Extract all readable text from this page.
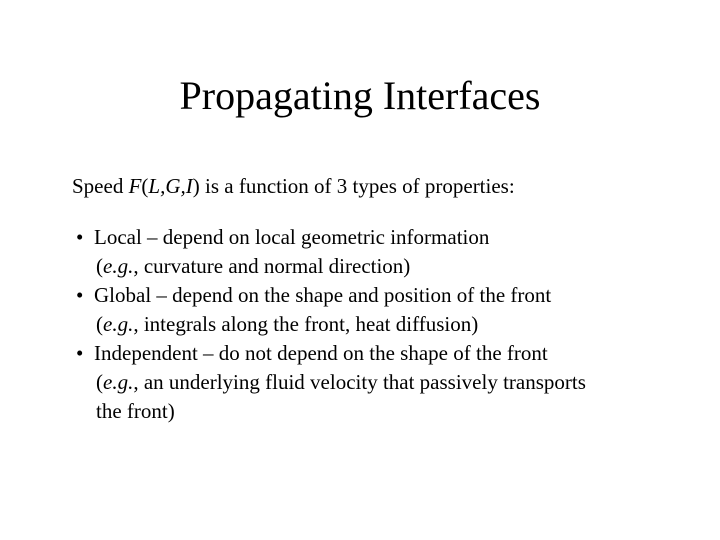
Propagating Interfaces
Speed F(L,G,I) is a function of 3 types of properties:
• Local – depend on local geometric information
(e.g., curvature and normal direction)
• Global – depend on the shape and position of the front
(e.g., integrals along the front, heat diffusion)
• Independent – do not depend on the shape of the front
(e.g., an underlying fluid velocity that passively transports
the front)
